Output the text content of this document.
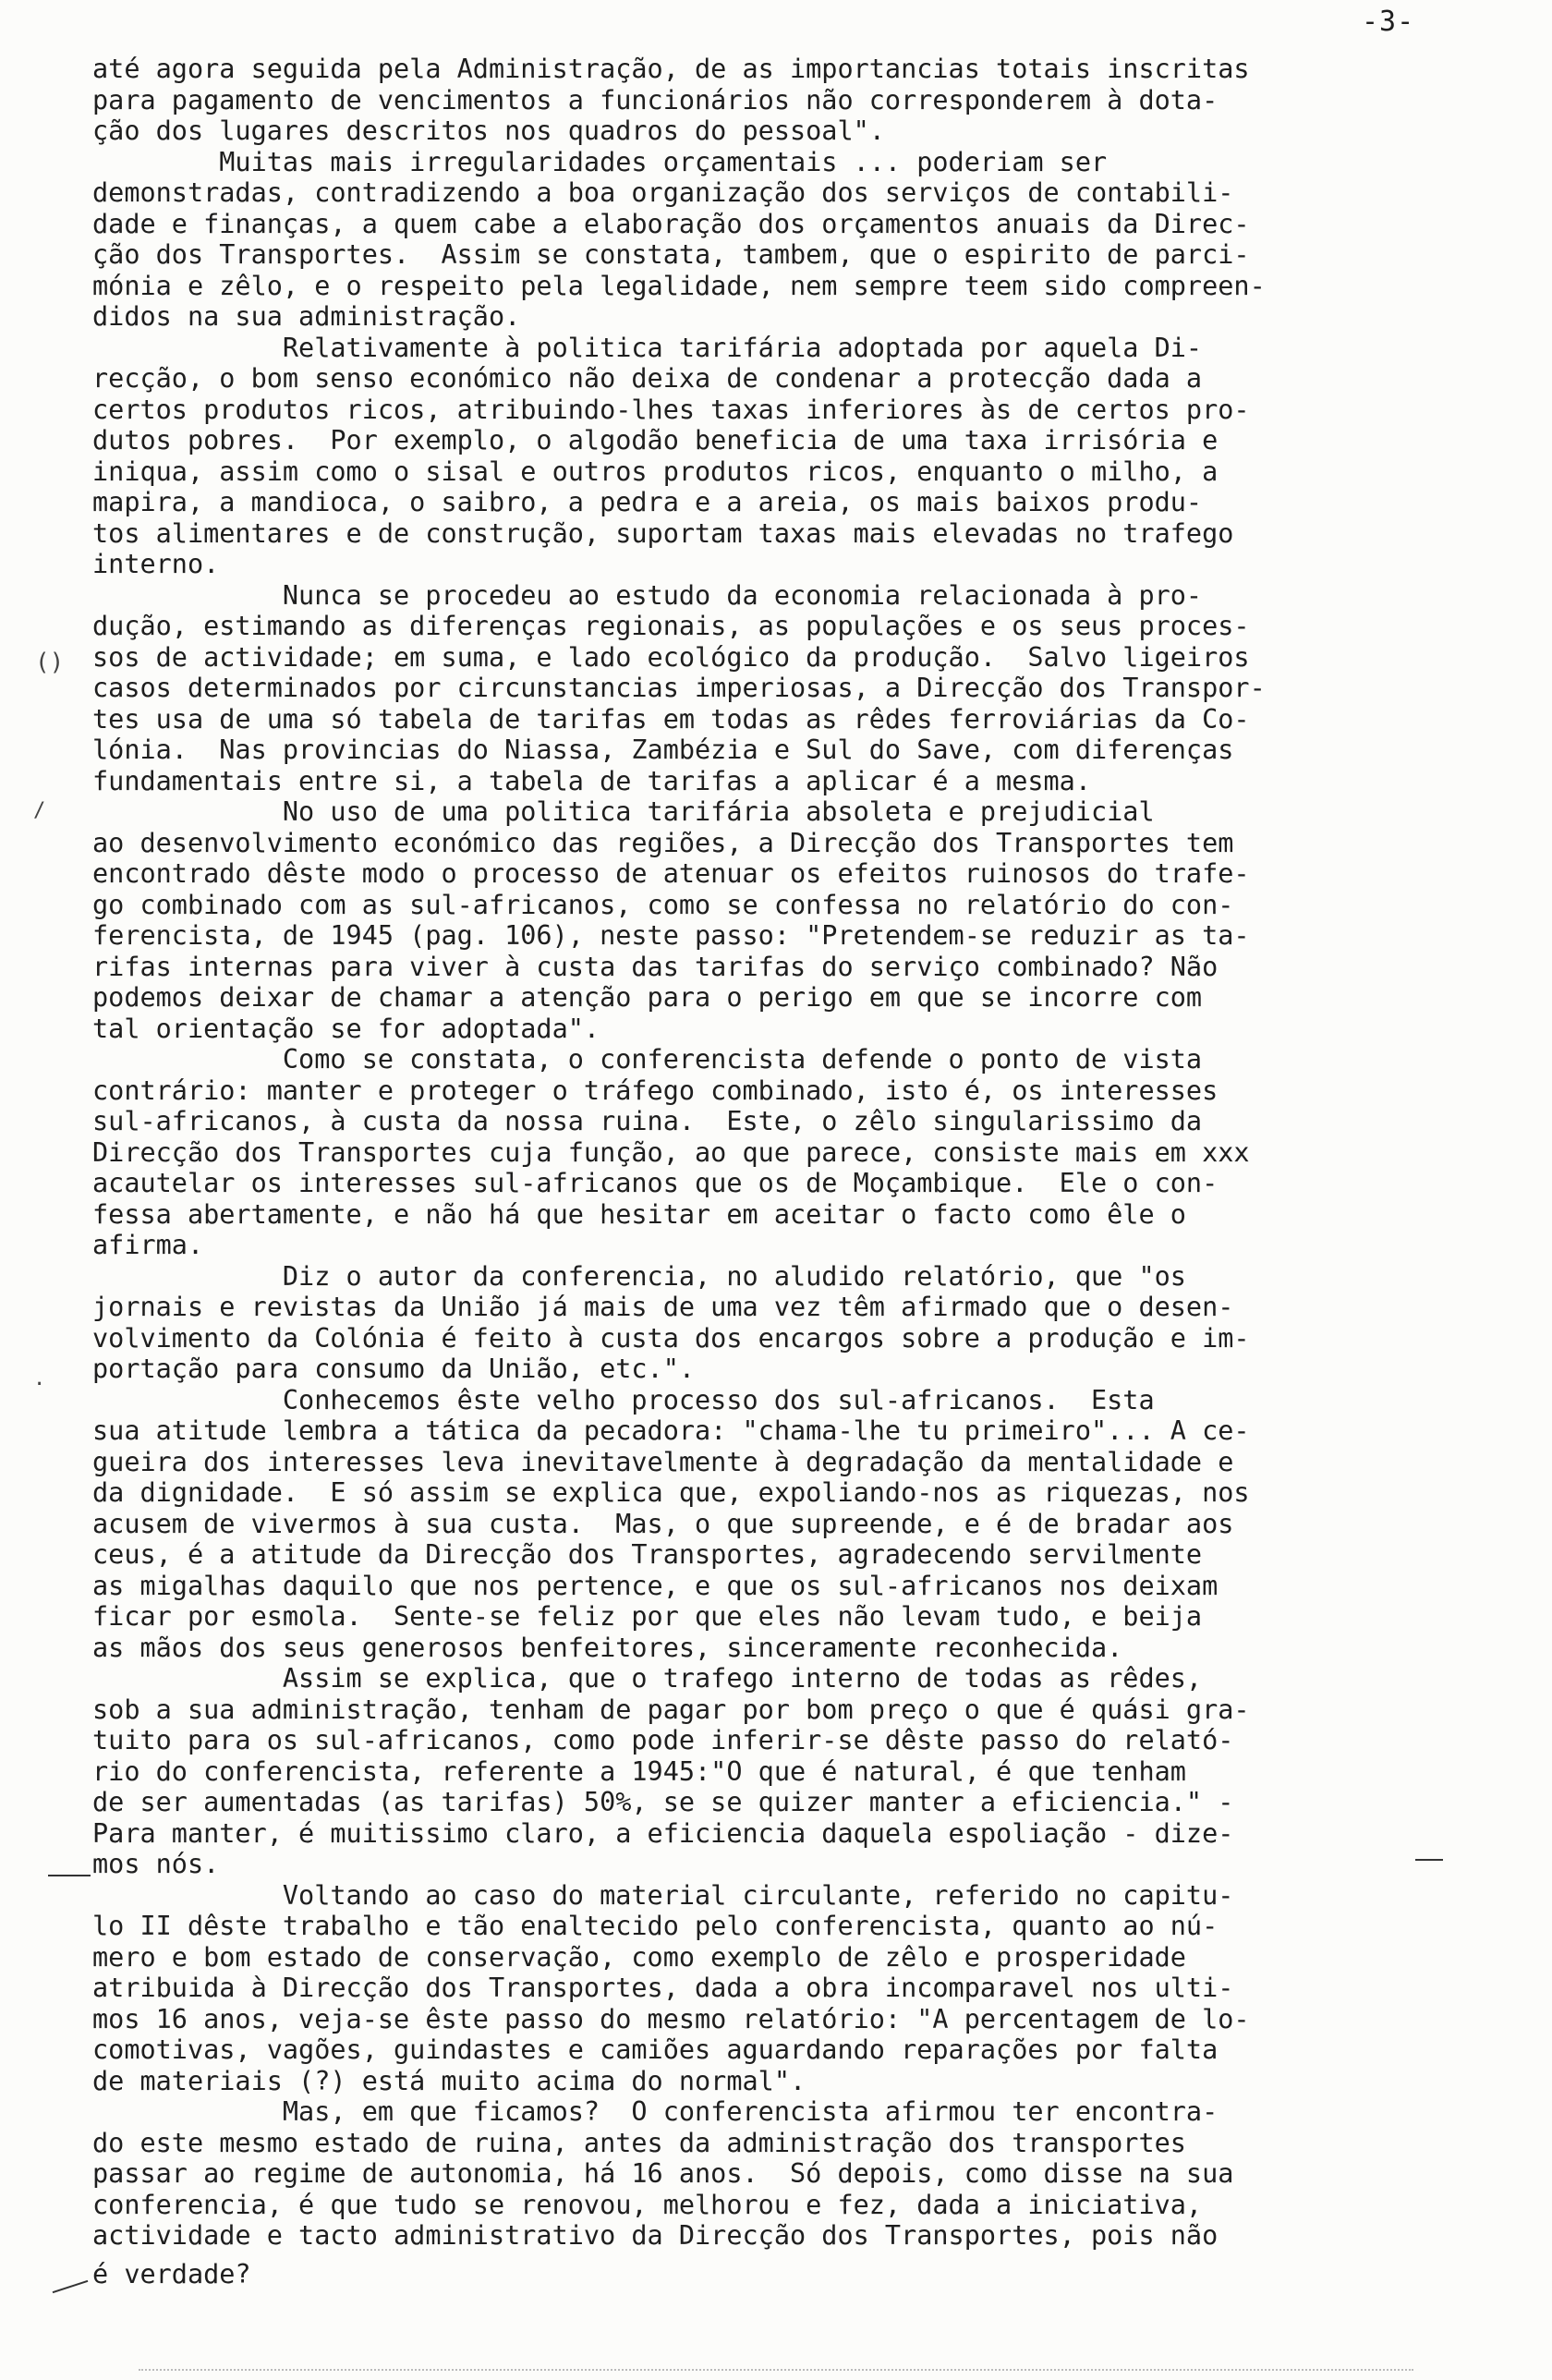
-3-
até agora seguida pela Administração, de as importancias totais inscritas
para pagamento de vencimentos a funcionários não corresponderem à dota-
ção dos lugares descritos nos quadros do pessoal".
Muitas mais irregularidades orçamentais ... poderiam ser
demonstradas, contradizendo a boa organização dos serviços de contabili-
dade e finanças, a quem cabe a elaboração dos orçamentos anuais da Direc-
ção dos Transportes.  Assim se constata, tambem, que o espirito de parci-
mónia e zêlo, e o respeito pela legalidade, nem sempre teem sido compreen-
didos na sua administração.
Relativamente à politica tarifária adoptada por aquela Di-
recção, o bom senso económico não deixa de condenar a protecção dada a
certos produtos ricos, atribuindo-lhes taxas inferiores às de certos pro-
dutos pobres.  Por exemplo, o algodão beneficia de uma taxa irrisória e
iniqua, assim como o sisal e outros produtos ricos, enquanto o milho, a
mapira, a mandioca, o saibro, a pedra e a areia, os mais baixos produ-
tos alimentares e de construção, suportam taxas mais elevadas no trafego
interno.
Nunca se procedeu ao estudo da economia relacionada à pro-
dução, estimando as diferenças regionais, as populações e os seus proces-
sos de actividade; em suma, e lado ecológico da produção.  Salvo ligeiros
casos determinados por circunstancias imperiosas, a Direcção dos Transpor-
tes usa de uma só tabela de tarifas em todas as rêdes ferroviárias da Co-
lónia.  Nas provincias do Niassa, Zambézia e Sul do Save, com diferenças
fundamentais entre si, a tabela de tarifas a aplicar é a mesma.
No uso de uma politica tarifária absoleta e prejudicial
ao desenvolvimento económico das regiões, a Direcção dos Transportes tem
encontrado dêste modo o processo de atenuar os efeitos ruinosos do trafe-
go combinado com as sul-africanos, como se confessa no relatório do con-
ferencista, de 1945 (pag. 106), neste passo: "Pretendem-se reduzir as ta-
rifas internas para viver à custa das tarifas do serviço combinado? Não
podemos deixar de chamar a atenção para o perigo em que se incorre com
tal orientação se for adoptada".
Como se constata, o conferencista defende o ponto de vista
contrário: manter e proteger o tráfego combinado, isto é, os interesses
sul-africanos, à custa da nossa ruina.  Este, o zêlo singularissimo da
Direcção dos Transportes cuja função, ao que parece, consiste mais em xxx
acautelar os interesses sul-africanos que os de Moçambique.  Ele o con-
fessa abertamente, e não há que hesitar em aceitar o facto como êle o
afirma.
Diz o autor da conferencia, no aludido relatório, que "os
jornais e revistas da União já mais de uma vez têm afirmado que o desen-
volvimento da Colónia é feito à custa dos encargos sobre a produção e im-
portação para consumo da União, etc.".
Conhecemos êste velho processo dos sul-africanos.  Esta
sua atitude lembra a tática da pecadora: "chama-lhe tu primeiro"... A ce-
gueira dos interesses leva inevitavelmente à degradação da mentalidade e
da dignidade.  E só assim se explica que, expoliando-nos as riquezas, nos
acusem de vivermos à sua custa.  Mas, o que supreende, e é de bradar aos
ceus, é a atitude da Direcção dos Transportes, agradecendo servilmente
as migalhas daquilo que nos pertence, e que os sul-africanos nos deixam
ficar por esmola.  Sente-se feliz por que eles não levam tudo, e beija
as mãos dos seus generosos benfeitores, sinceramente reconhecida.
Assim se explica, que o trafego interno de todas as rêdes,
sob a sua administração, tenham de pagar por bom preço o que é quási gra-
tuito para os sul-africanos, como pode inferir-se dêste passo do relató-
rio do conferencista, referente a 1945:"O que é natural, é que tenham
de ser aumentadas (as tarifas) 50%, se se quizer manter a eficiencia." -
Para manter, é muitissimo claro, a eficiencia daquela espoliação - dize-
mos nós.
Voltando ao caso do material circulante, referido no capitu-
lo II dêste trabalho e tão enaltecido pelo conferencista, quanto ao nú-
mero e bom estado de conservação, como exemplo de zêlo e prosperidade
atribuida à Direcção dos Transportes, dada a obra incomparavel nos ulti-
mos 16 anos, veja-se êste passo do mesmo relatório: "A percentagem de lo-
comotivas, vagões, guindastes e camiões aguardando reparações por falta
de materiais (?) está muito acima do normal".
Mas, em que ficamos?  O conferencista afirmou ter encontra-
do este mesmo estado de ruina, antes da administração dos transportes
passar ao regime de autonomia, há 16 anos.  Só depois, como disse na sua
conferencia, é que tudo se renovou, melhorou e fez, dada a iniciativa,
actividade e tacto administrativo da Direcção dos Transportes, pois não
é verdade?
()
/
.
